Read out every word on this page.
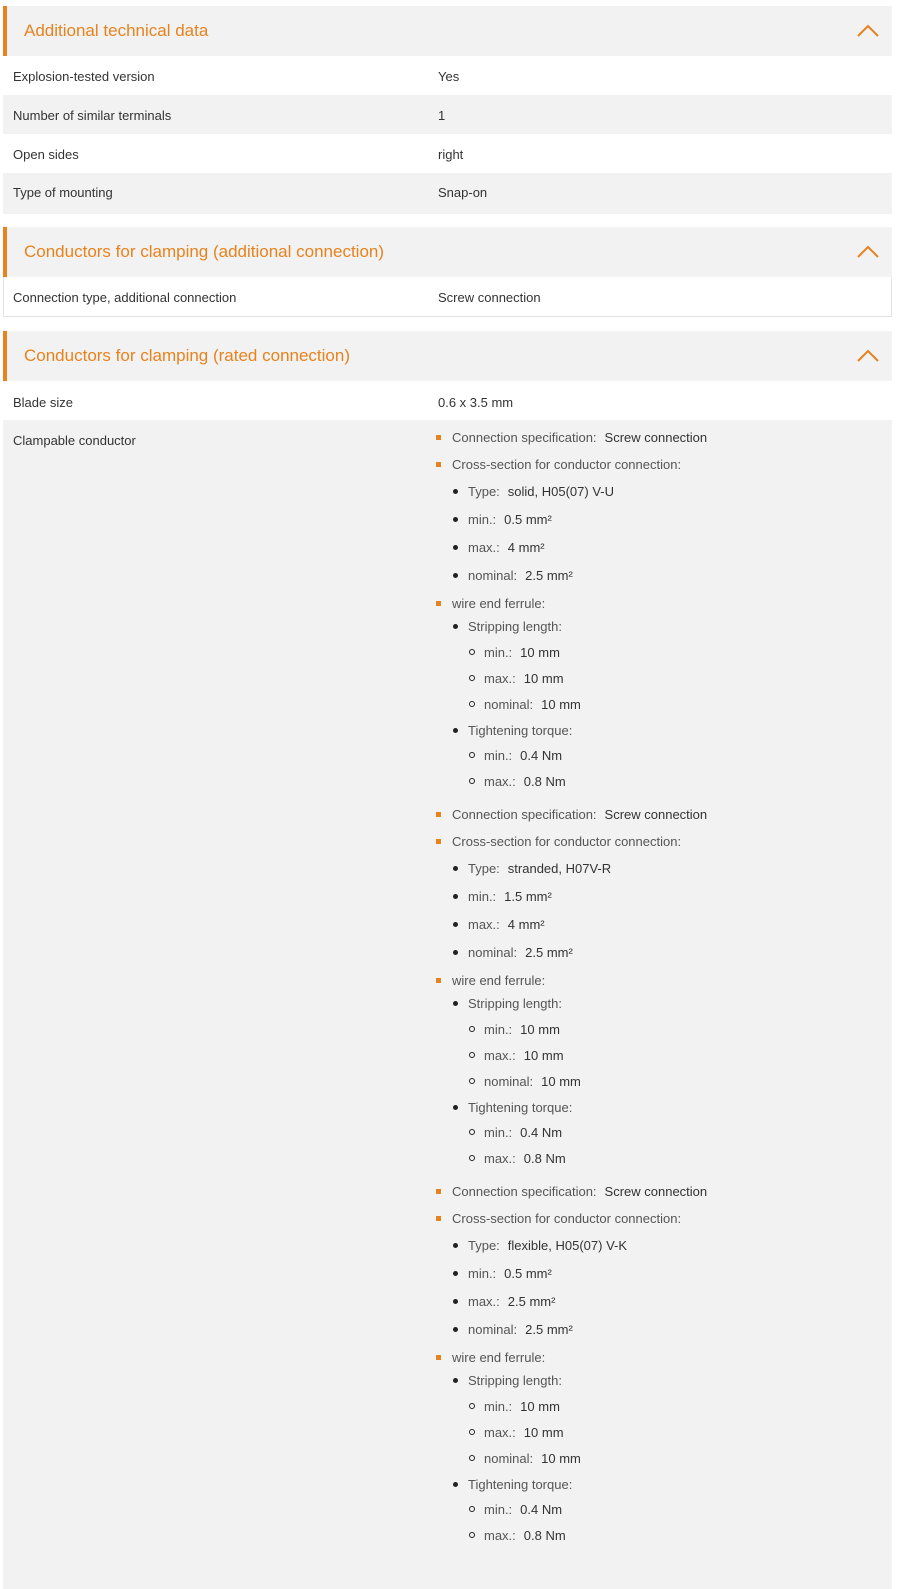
Additional technical data
Explosion-tested version	Yes
Number of similar terminals	1
Open sides	right
Type of mounting	Snap-on
Conductors for clamping (additional connection)
Connection type, additional connection	Screw connection
Conductors for clamping (rated connection)
Blade size	0.6 x 3.5 mm
Clampable conductor	Connection specification: Screw connection
Cross-section for conductor connection:
Type: solid, H05(07) V-U
min.: 0.5 mm²
max.: 4 mm²
nominal: 2.5 mm²
wire end ferrule:
Stripping length:
min.: 10 mm
max.: 10 mm
nominal: 10 mm
Tightening torque:
min.: 0.4 Nm
max.: 0.8 Nm
Connection specification: Screw connection
Cross-section for conductor connection:
Type: stranded, H07V-R
min.: 1.5 mm²
max.: 4 mm²
nominal: 2.5 mm²
wire end ferrule:
Stripping length:
min.: 10 mm
max.: 10 mm
nominal: 10 mm
Tightening torque:
min.: 0.4 Nm
max.: 0.8 Nm
Connection specification: Screw connection
Cross-section for conductor connection:
Type: flexible, H05(07) V-K
min.: 0.5 mm²
max.: 2.5 mm²
nominal: 2.5 mm²
wire end ferrule:
Stripping length:
min.: 10 mm
max.: 10 mm
nominal: 10 mm
Tightening torque:
min.: 0.4 Nm
max.: 0.8 Nm
